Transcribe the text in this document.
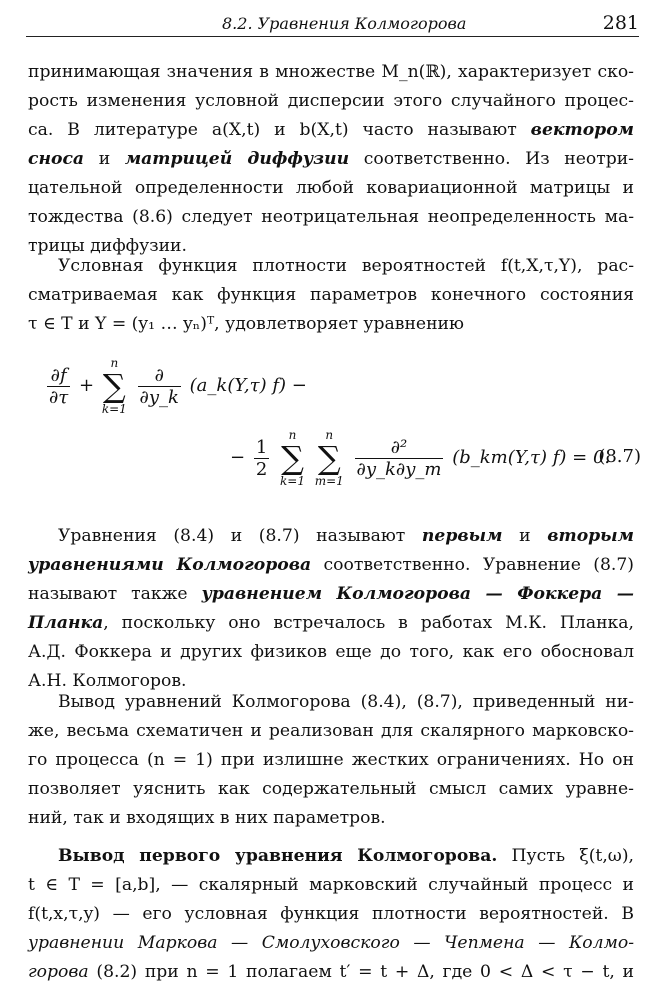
8.2. Уравнения Колмогорова	281
принимающая значения в множестве M_n(ℝ), характеризует ско-
рость изменения условной дисперсии этого случайного процес-
са. В литературе a(X,t) и b(X,t) часто называют вектором
сноса и матрицей диффузии соответственно. Из неотри-
цательной определенности любой ковариационной матрицы и
тождества (8.6) следует неотрицательная неопределенность ма-
трицы диффузии.
Условная функция плотности вероятностей f(t,X,τ,Y), рас-
сматриваемая как функция параметров конечного состояния
τ ∈ T и Y = (y₁ … yₙ)ᵀ, удовлетворяет уравнению
$\frac{\partial f}{\partial\tau}$ +
n
∑
k=1

$\frac{\partial}{\partial y\_k}$ (a_k(Y,τ) f) −
− $\frac{1}{2}$

n
∑
k=1

n
∑
m=1

$\frac{\text{∂²}}{\partial y\_k\partial y\_m}$ (b_km(Y,τ) f) = 0.
(8.7)
Уравнения (8.4) и (8.7) называют первым и вторым
уравнениями Колмогорова соответственно. Уравнение (8.7)
называют также уравнением Колмогорова — Фоккера —
Планка, поскольку оно встречалось в работах М.К. Планка,
А.Д. Фоккера и других физиков еще до того, как его обосновал
А.Н. Колмогоров.
Вывод уравнений Колмогорова (8.4), (8.7), приведенный ни-
же, весьма схематичен и реализован для скалярного марковско-
го процесса (n = 1) при излишне жестких ограничениях. Но он
позволяет уяснить как содержательный смысл самих уравне-
ний, так и входящих в них параметров.
Вывод первого уравнения Колмогорова. Пусть ξ(t,ω),
t ∈ T = [a,b], — скалярный марковский случайный процесс и
f(t,x,τ,y) — его условная функция плотности вероятностей. В
уравнении Маркова — Смолуховского — Чепмена — Колмо-
горова (8.2) при n = 1 полагаем t′ = t + Δ, где 0 < Δ < τ − t, и
